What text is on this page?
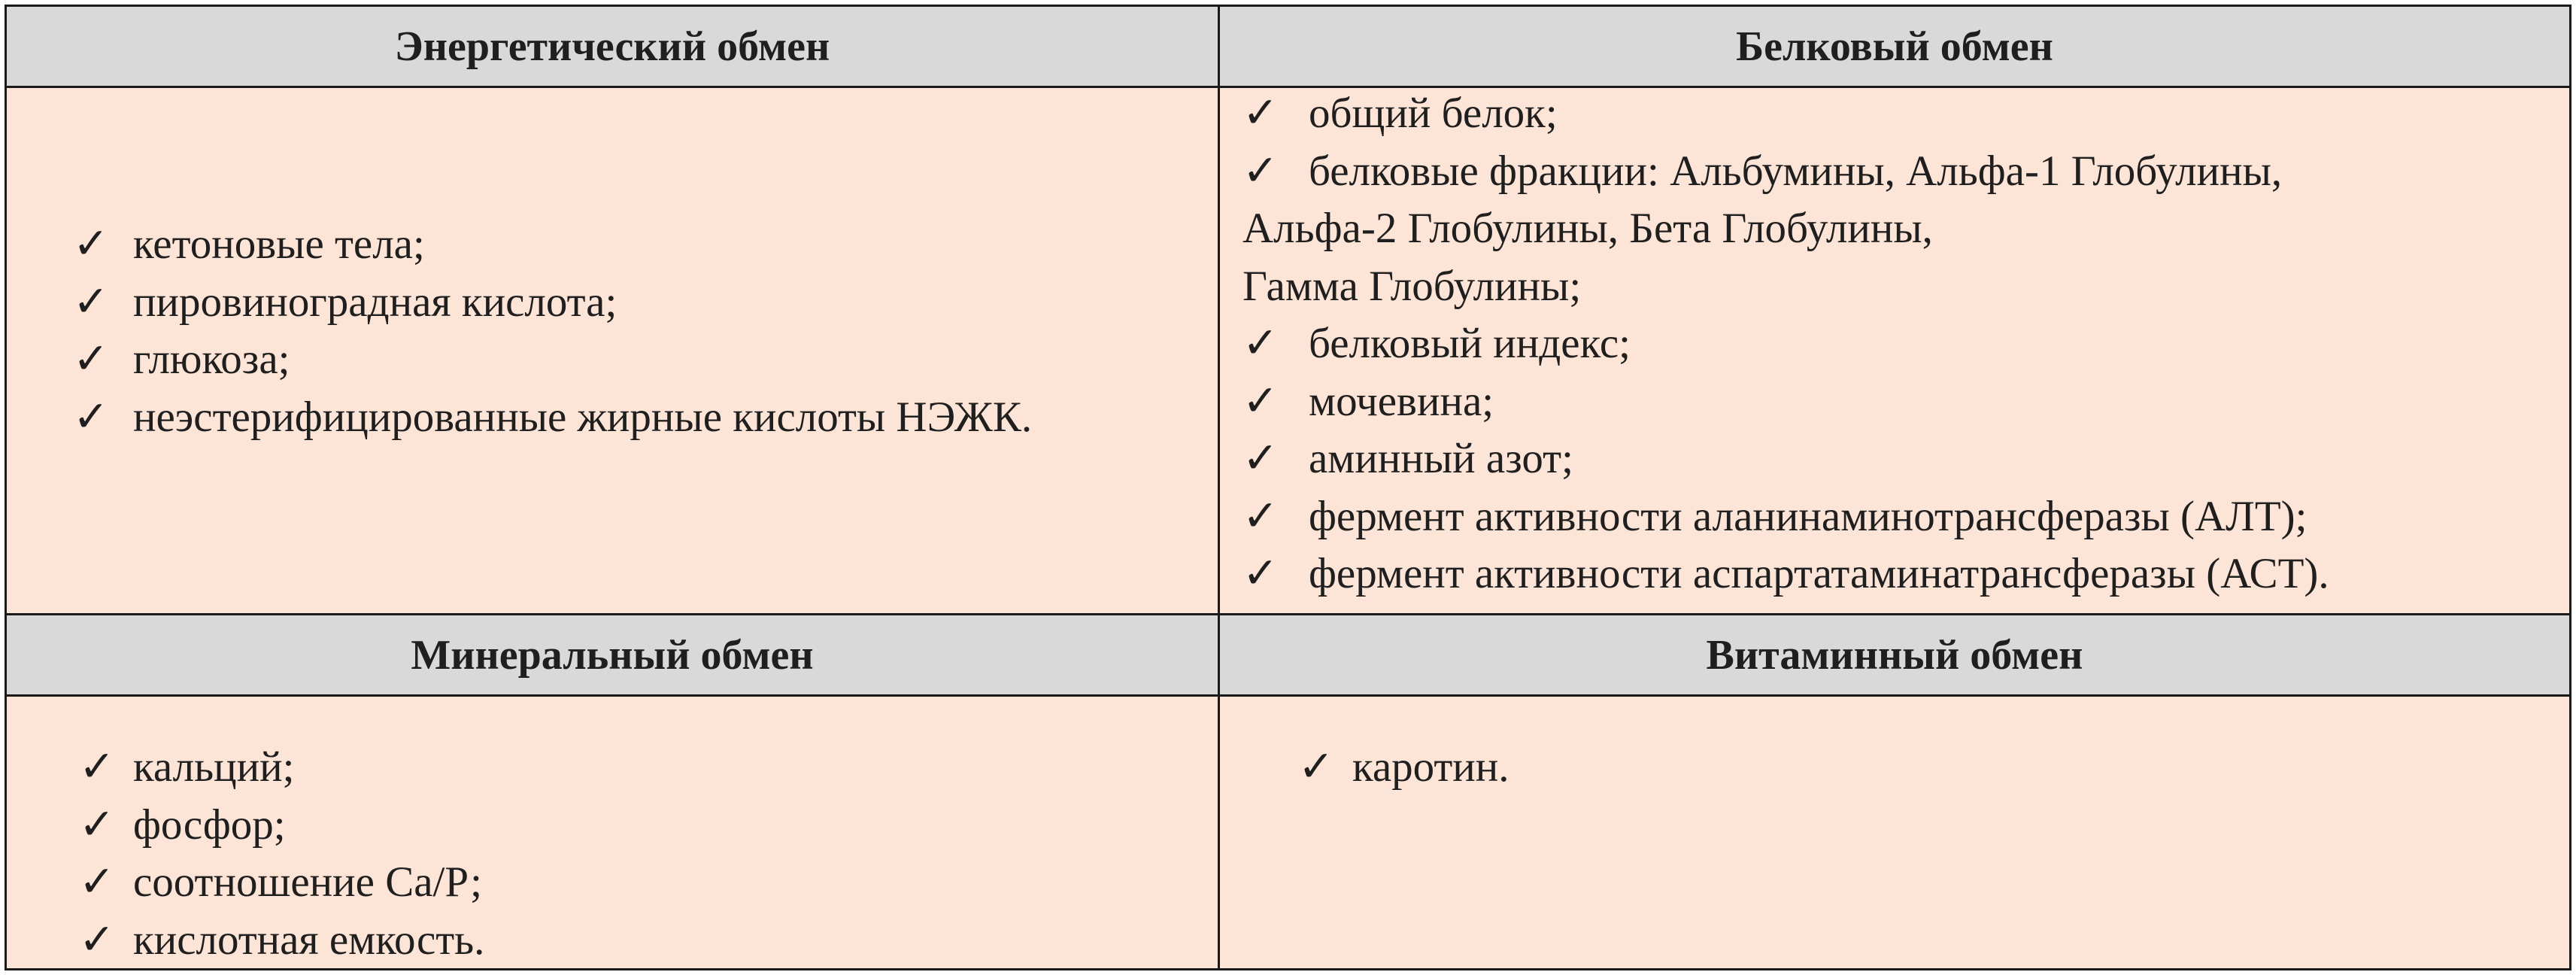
Энергетический обмен	Белковый обмен
✓ кетоновые тела;
✓ пировиноградная кислота;
✓ глюкоза;
✓ неэстерифицированные жирные кислоты НЭЖК.
✓ общий белок;
✓ белковые фракции: Альбумины, Альфа-1 Глобулины,
Альфа-2 Глобулины, Бета Глобулины,
Гамма Глобулины;
✓ белковый индекс;
✓ мочевина;
✓ аминный азот;
✓ фермент активности аланинаминотрансферазы (АЛТ);
✓ фермент активности аспартатаминатрансферазы (АСТ).
Минеральный обмен	Витаминный обмен
✓ кальций;
✓ фосфор;
✓ соотношение Са/Р;
✓ кислотная емкость.
✓ каротин.
